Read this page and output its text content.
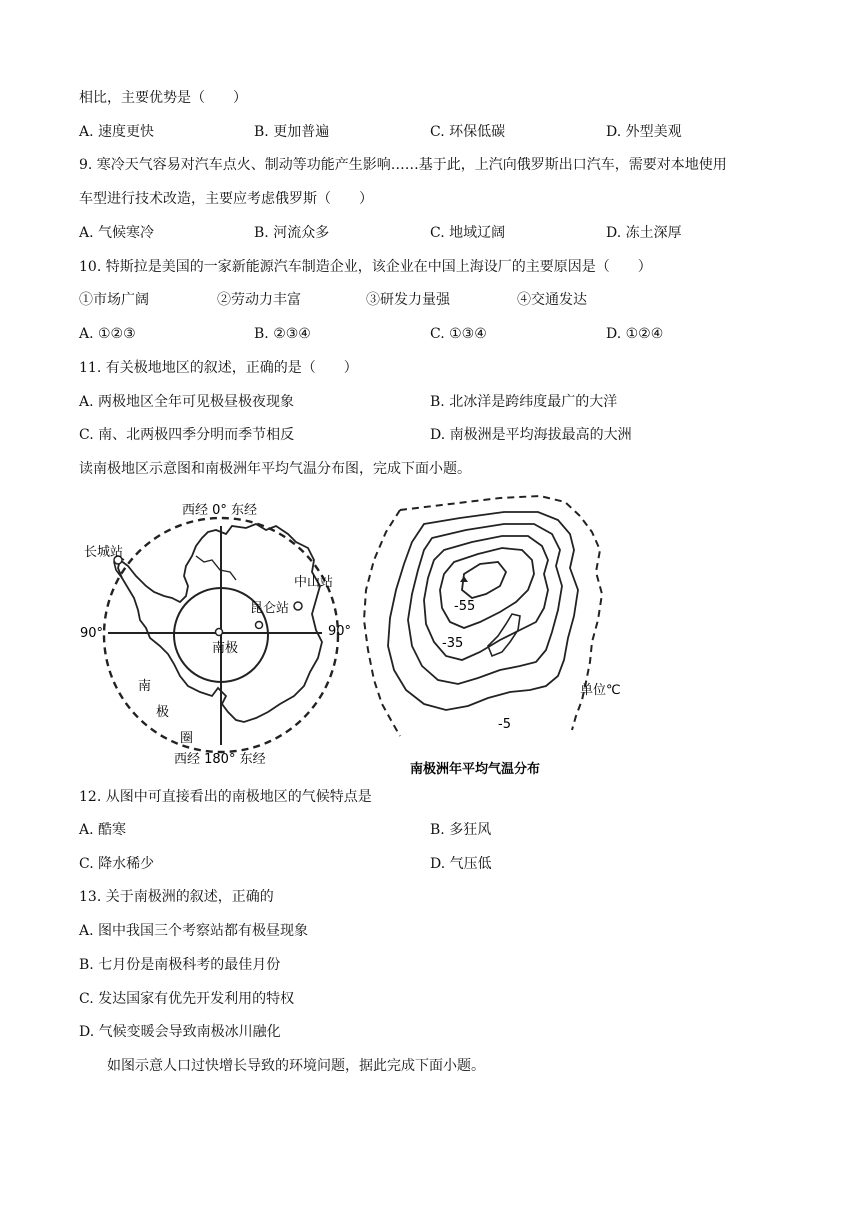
相比，主要优势是（　　）
A. 速度更快	B. 更加普遍	C. 环保低碳	D. 外型美观
9. 寒冷天气容易对汽车点火、制动等功能产生影响……基于此，上汽向俄罗斯出口汽车，需要对本地使用
车型进行技术改造，主要应考虑俄罗斯（　　）
A. 气候寒冷	B. 河流众多	C. 地域辽阔	D. 冻土深厚
10. 特斯拉是美国的一家新能源汽车制造企业，该企业在中国上海设厂的主要原因是（　　）
①市场广阔	②劳动力丰富	③研发力量强	④交通发达
A. ①②③	B. ②③④	C. ①③④	D. ①②④
11. 有关极地地区的叙述，正确的是（　　）
A. 两极地区全年可见极昼极夜现象	B. 北冰洋是跨纬度最广的大洋
C. 南、北两极四季分明而季节相反	D. 南极洲是平均海拔最高的大洲
读南极地区示意图和南极洲年平均气温分布图，完成下面小题。
西经 0° 东经
西经 180° 东经
90°	90°
长城站
中山站
昆仑站
南极
南
极
圈
-55
-35
-5
单位℃
南极洲年平均气温分布
12. 从图中可直接看出的南极地区的气候特点是
A. 酷寒	B. 多狂风
C. 降水稀少	D. 气压低
13. 关于南极洲的叙述，正确的
A. 图中我国三个考察站都有极昼现象
B. 七月份是南极科考的最佳月份
C. 发达国家有优先开发利用的特权
D. 气候变暖会导致南极冰川融化
如图示意人口过快增长导致的环境问题，据此完成下面小题。
